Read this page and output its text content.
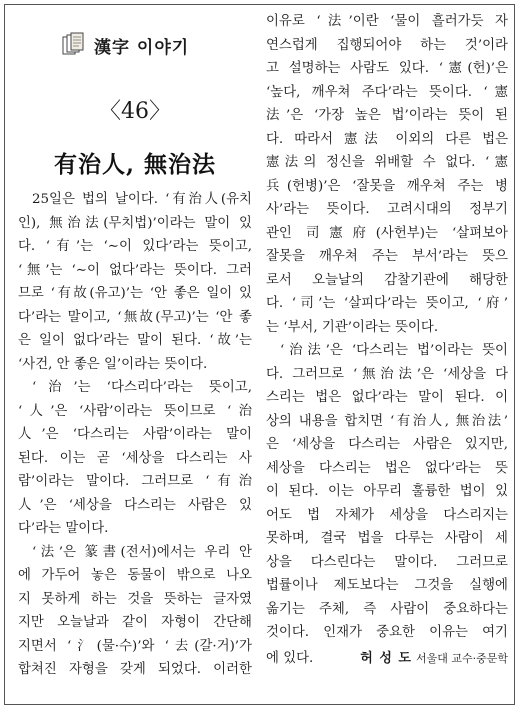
漢字 이야기
〈46〉
有治人, 無治法
25일은 법의 날이다. ‘有治人(유치
인), 無治法(무치법)’이라는 말이 있
다. ‘有’는 ‘∼이 있다’라는 뜻이고,
‘無’는 ‘∼이 없다’라는 뜻이다. 그러
므로 ‘有故(유고)’는 ‘안 좋은 일이 있
다’라는 말이고, ‘無故(무고)’는 ‘안 좋
은 일이 없다’라는 말이 된다. ‘故’는
‘사건, 안 좋은 일’이라는 뜻이다.
‘治’는 ‘다스리다’라는 뜻이고,
‘人’은 ‘사람’이라는 뜻이므로 ‘治
人’은 ‘다스리는 사람’이라는 말이
된다. 이는 곧 ‘세상을 다스리는 사
람’이라는 말이다. 그러므로 ‘有治
人’은 ‘세상을 다스리는 사람은 있
다’라는 말이다.
‘法’은 篆書(전서)에서는 우리 안
에 가두어 놓은 동물이 밖으로 나오
지 못하게 하는 것을 뜻하는 글자였
지만 오늘날과 같이 자형이 간단해
지면서 ‘氵(물·수)’와 ‘去(갈·거)’가
합쳐진 자형을 갖게 되었다. 이러한
이유로 ‘法’이란 ‘물이 흘러가듯 자
연스럽게 집행되어야 하는 것’이라
고 설명하는 사람도 있다. ‘憲(헌)’은
‘높다, 깨우쳐 주다’라는 뜻이다. ‘憲
法’은 ‘가장 높은 법’이라는 뜻이 된
다. 따라서 憲法 이외의 다른 법은
憲法의 정신을 위배할 수 없다. ‘憲
兵(헌병)’은 ‘잘못을 깨우쳐 주는 병
사’라는 뜻이다. 고려시대의 정부기
관인 司憲府(사헌부)는 ‘살펴보아
잘못을 깨우쳐 주는 부서’라는 뜻으
로서 오늘날의 감찰기관에 해당한
다. ‘司’는 ‘살피다’라는 뜻이고, ‘府’
는 ‘부서, 기관’이라는 뜻이다.
‘治法’은 ‘다스리는 법’이라는 뜻이
다. 그러므로 ‘無治法’은 ‘세상을 다
스리는 법은 없다’라는 말이 된다. 이
상의 내용을 합치면 ‘有治人, 無治法’
은 ‘세상을 다스리는 사람은 있지만,
세상을 다스리는 법은 없다’라는 뜻
이 된다. 이는 아무리 훌륭한 법이 있
어도 법 자체가 세상을 다스리지는
못하며, 결국 법을 다루는 사람이 세
상을 다스린다는 말이다. 그러므로
법률이나 제도보다는 그것을 실행에
옮기는 주체, 즉 사람이 중요하다는
것이다. 인재가 중요한 이유는 여기
에 있다.	허 성 도 서울대 교수·중문학
